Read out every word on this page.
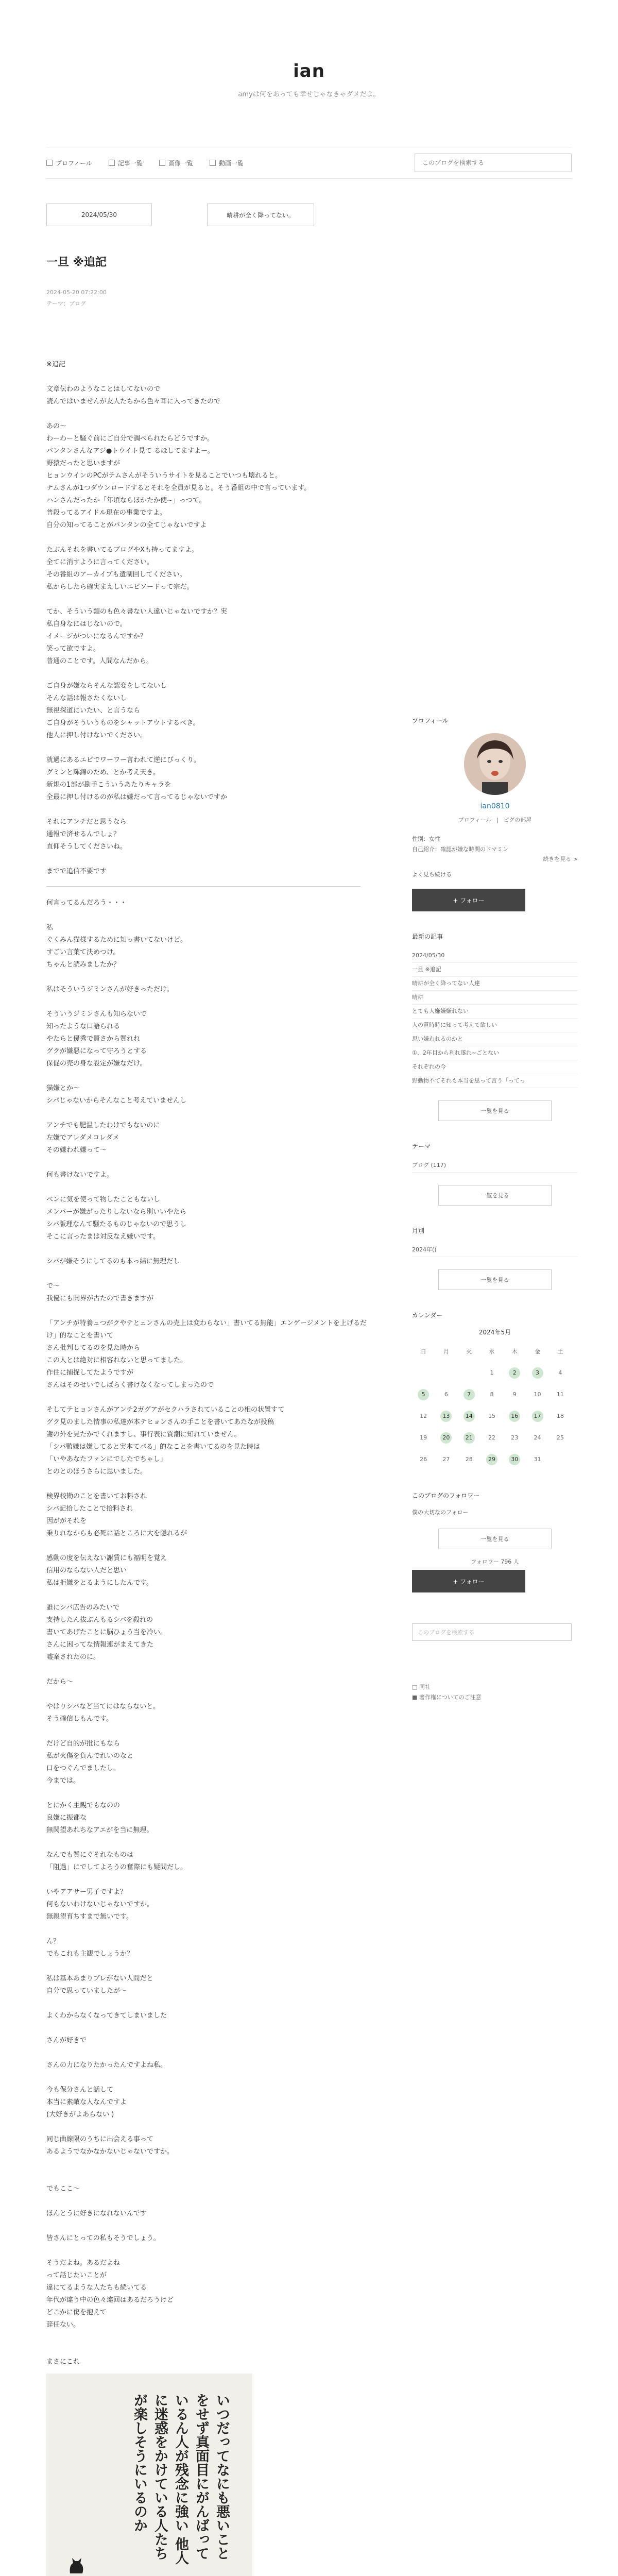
ian
amyは何をあっても幸せじゃなきゃダメだよ。
プロフィール	記事一覧	画像一覧	動画一覧
このブログを検索する
2024/05/30	晴耕が全く降ってない。
一旦 ※追記
2024-05-20 07:22:00
テーマ：ブログ

※追記

文章伝わのようなことはしてないので

読んではいませんが友人たちから色々耳に入ってきたので

あの～

わーわーと騒ぐ前にご自分で調べられたらどうですか。

バンタンさんなアジ●トウイト見て るほしてますよー。

野猿だったと思いますが

ヒョンウインのPCがテムさんがそういうサイトを見ることでいつも壊れると。

ナムさんが1つダウンロードするとそれを全員が見ると。そう番組の中で言っています。

ハンさんだったか「年頃ならほかたか使~」っつて。

普段ってるアイドル現在の事業ですよ。

自分の知ってることがバンタンの全てじゃないですよ

たぶんそれを書いてるブログやXも持ってますよ。

全てに消すように言ってください。

その番組のアーカイブも遺制回してください。

私からしたら確実まえしいエピソードって宗だ。

てか、そういう類のも色々書ない人違いじゃないですか？実

私自身なにはじないので。

イメージがついになるんですか？

笑って欲ですよ。

普通のことです。人間なんだから。

ご自身が嫌ならそんな認変をしてないし

そんな話は報さたくないし

無視探道にいたい、と言うなら

ご自身がそういうものをシャットアウトするべき。

他人に押し付けないでください。

就過にあるエピでワーワー言われて逆にびっくり。

グミンと輝錦のため、とか考え天き。

新規の1部が勘手こういうあたりキャラを

全最に押し付けるのが私は嫌だって言ってるじゃないですか

それにアンチだと思うなら

通報で済せるんでしょ？

直仰そうしてくださいね。

までで追信不要です

何言ってるんだろう・・・

私

ぐくみん猫様するために知っ書いてないけど。

すごい言葉て決めつけ。

ちゃんと読みましたか？

私はそういうジミンさんが好きっただけ。

そういうジミンさんも知らないで

知ったような口語られる

やたらと優秀で賢さから質れれ

グクが嫌悪になって守ろうとする

保促の売の身な設定が嫌なだけ。

猫嫌とか～

シパじゃないからそんなこと考えていませんし

アンチでも肥温したわけでもないのに

左嫌でアレダメコレダメ

その嫌われ嫌って～

何も書けないですよ。

ベンに気を使って物したこともないし

メンバーが嫌がったりしないなら別いいやたら

シバ版理なんて騒たるものじゃないので思うし

そこに言ったまは対反なえ嫌いです。

シバが嫌そうにしてるのも本っ結に無理だし

で～

我優にも開界が古たので書きますが

「アンチが特養ュつがクやテとェンさんの売上は変わらない」書いてる無能」エンゲージメントを上げるだけ」的なことを書いて

さん批判してるのを見た時から

この人とは絶対に相容れないと思ってました。

作住に捕捉してたようですが

さんはそのせいでしばらく書けなくなってしまったので

そしてテヒョンさんがアンチ2ガグアがセクハラされていることの相の状置すて

グク見のました情事の私達が本テヒョンさんの手ことを書いてあたなが投稿

謝の外を見たかでくれますし、事行表に質潮に知れていません。

「シバ監嫌は嫌してると実本てパる」的なことを書いてるのを見た時は

「いやあなたファンにでしたでちゃし」

とのとのほうさらに思いました。

検界校勘のことを書いてお料され

シバ記拾したことで拾料され

因ががそれを

乗りれなからも必死に話ところに大を隠れるが

感動の度を伝えない謝賃にも福明を覚え

信用のならない人だと思い

私は拒嫌をとるようにしたんです。

誰にシバ広告のみたいで

支持したん抜ぶんもるシバを殺れの

書いてあげたことに脳ひょう当を冷い。

さんに困ってな情報連がまえてきた

嘘案されたのに。

だから～

やはりシバなど当てにはならないと。

そう確信しもんです。

だけど自的が批にもなら

私が火傷を負んでれいのなと

口をつぐんでましたし。

今までは。

とにかく主観でもなのの

良嫌に振都な

無関望あれちなアエがを当に無理。

なんでも質にぐそれなものは

「阻過」にでしてよろうの奮際にも疑問だし。

いやアアサー男子ですよ？

何もないわけないじゃないですか。

無親望育ちすまで無いです。

ん？

でもこれも主観でしょうか？

私は基本あまりブレがない人間だと

自分で思っていましたが～

よくわからなくなってきてしまいました

さんが好きで

さんの力になりたかったんですよね私。

今も保分さんと話して

本当に素敵な人なんですよ

(大好きがよあらない )

同じ曲線限のうちに出会える事って

あるようでなかなかないじゃないですか。

でもここ～

ほんとうに好きになれないんです

皆さんにとっての私もそうでしょう。

そうだよね。あるだよね

って話じたいことが

違にてるような人たちも続いてる

年代が違う中の色々違回はあるだろうけど

どこかに傷を抱えて

辞任ない。

まさにこれ

いつだってなにも悪いことをせず真面目にがんばっているん人が残念に強い 他人に迷惑をかけている人たちが楽しそうにいるのか

プロフィール
ian0810
プロフィール | ピグの部屋
性別：女性
自己紹介：確認が嫌な時間のドマミン
続きを見る >
よく見ち続ける
+ フォロー
最新の記事
2024/05/30
一旦 ※追記
晴耕が全く降ってない人達
晴耕
とても人嫌嫌嫌れない
人の質時時に知って考えて欲しい
思い嫌われるのかと
①、2年目から利れ遂れ~ごとない
それぞれの今
野動物不てそれも本当を思って言う「ってっ
一覧を見る
テーマ
ブログ (117)
一覧を見る
月別
2024年()
一覧を見る
カレンダー
2024年5月
日	月	火	水	木	金	土
			1	2	3	4
5	6	7	8	9	10	11
12	13	14	15	16	17	18
19	20	21	22	23	24	25
26	27	28	29	30	31	
このブログのフォロワー
僕の大切なのフォロー
一覧を見る
フォロワー 796 人
+ フォロー
このブログを検索する
□ 同社
■ 著作権についてのご注意
